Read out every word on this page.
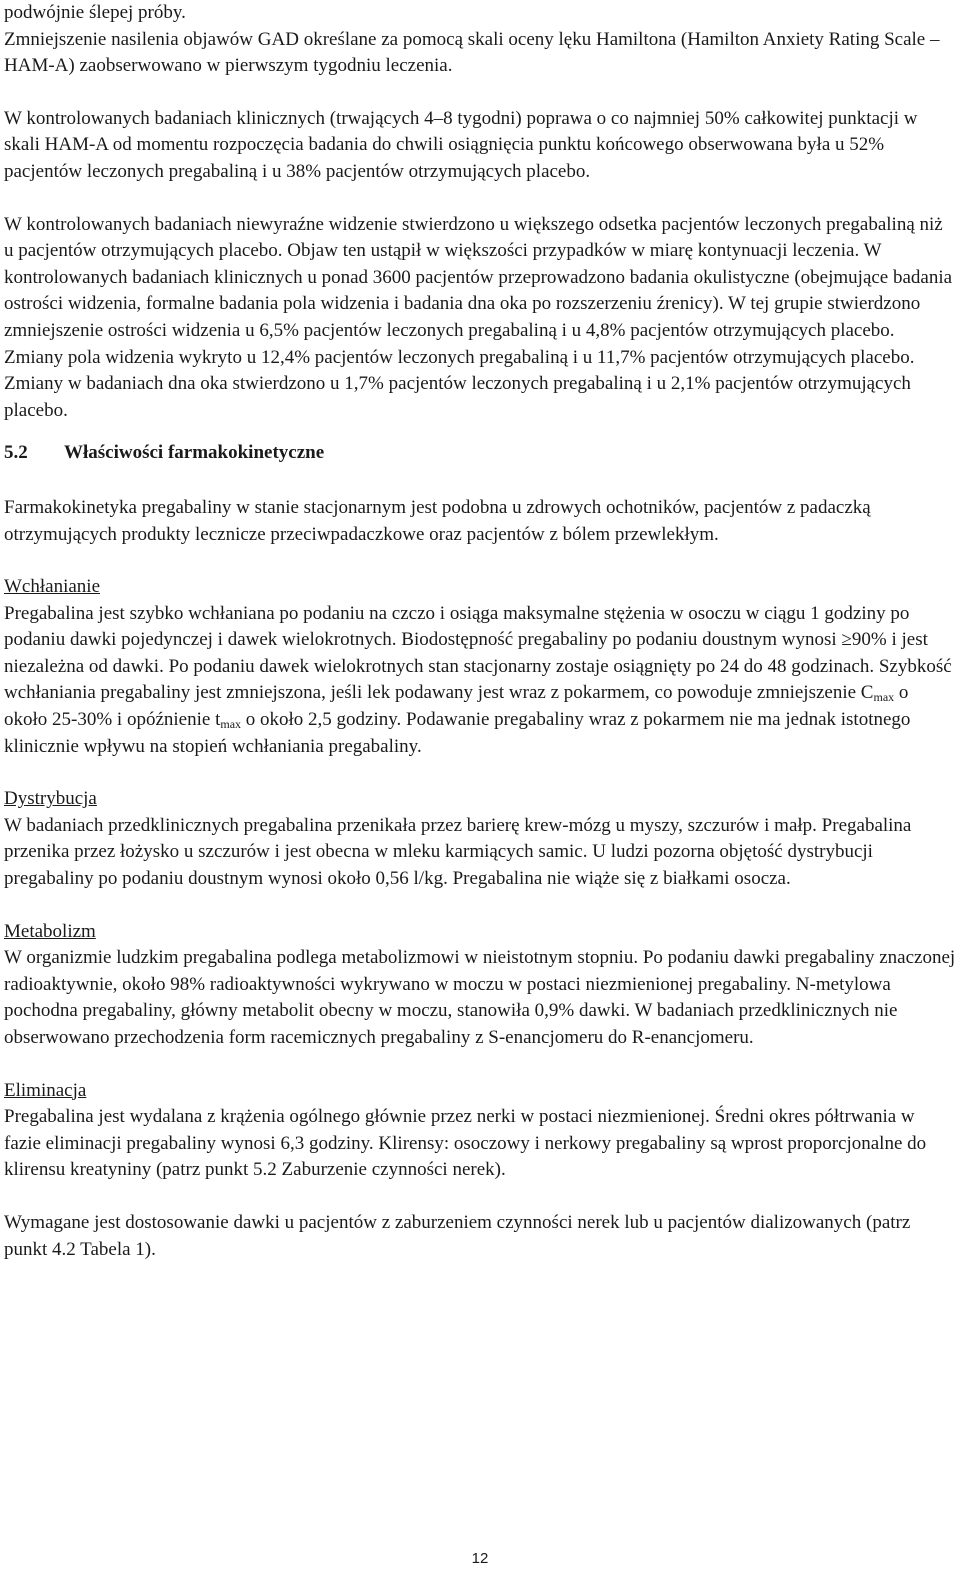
podwójnie ślepej próby.

Zmniejszenie nasilenia objawów GAD określane za pomocą skali oceny lęku Hamiltona (Hamilton Anxiety Rating Scale – HAM-A) zaobserwowano w pierwszym tygodniu leczenia.

W kontrolowanych badaniach klinicznych (trwających 4–8 tygodni) poprawa o co najmniej 50% całkowitej punktacji w skali HAM-A od momentu rozpoczęcia badania do chwili osiągnięcia punktu końcowego obserwowana była u 52% pacjentów leczonych pregabaliną i u 38% pacjentów otrzymujących placebo.

W kontrolowanych badaniach niewyraźne widzenie stwierdzono u większego odsetka pacjentów leczonych pregabaliną niż u pacjentów otrzymujących placebo. Objaw ten ustąpił w większości przypadków w miarę kontynuacji leczenia. W kontrolowanych badaniach klinicznych u ponad 3600 pacjentów przeprowadzono badania okulistyczne (obejmujące badania ostrości widzenia, formalne badania pola widzenia i badania dna oka po rozszerzeniu źrenicy). W tej grupie stwierdzono zmniejszenie ostrości widzenia u 6,5% pacjentów leczonych pregabaliną i u 4,8% pacjentów otrzymujących placebo. Zmiany pola widzenia wykryto u 12,4% pacjentów leczonych pregabaliną i u 11,7% pacjentów otrzymujących placebo. Zmiany w badaniach dna oka stwierdzono u 1,7% pacjentów leczonych pregabaliną i u 2,1% pacjentów otrzymujących placebo.

5.2 Właściwości farmakokinetyczne

Farmakokinetyka pregabaliny w stanie stacjonarnym jest podobna u zdrowych ochotników, pacjentów z padaczką otrzymujących produkty lecznicze przeciwpadaczkowe oraz pacjentów z bólem przewlekłym.

Wchłanianie

Pregabalina jest szybko wchłaniana po podaniu na czczo i osiąga maksymalne stężenia w osoczu w ciągu 1 godziny po podaniu dawki pojedynczej i dawek wielokrotnych. Biodostępność pregabaliny po podaniu doustnym wynosi ≥90% i jest niezależna od dawki. Po podaniu dawek wielokrotnych stan stacjonarny zostaje osiągnięty po 24 do 48 godzinach. Szybkość wchłaniania pregabaliny jest zmniejszona, jeśli lek podawany jest wraz z pokarmem, co powoduje zmniejszenie $C_{max}$ o około 25-30% i opóźnienie $t_{max}$ o około 2,5 godziny. Podawanie pregabaliny wraz z pokarmem nie ma jednak istotnego klinicznie wpływu na stopień wchłaniania pregabaliny.

Dystrybucja

W badaniach przedklinicznych pregabalina przenikała przez barierę krew-mózg u myszy, szczurów i małp. Pregabalina przenika przez łożysko u szczurów i jest obecna w mleku karmiących samic. U ludzi pozorna objętość dystrybucji pregabaliny po podaniu doustnym wynosi około 0,56 l/kg. Pregabalina nie wiąże się z białkami osocza.

Metabolizm

W organizmie ludzkim pregabalina podlega metabolizmowi w nieistotnym stopniu. Po podaniu dawki pregabaliny znaczonej radioaktywnie, około 98% radioaktywności wykrywano w moczu w postaci niezmienionej pregabaliny. N-metylowa pochodna pregabaliny, główny metabolit obecny w moczu, stanowiła 0,9% dawki. W badaniach przedklinicznych nie obserwowano przechodzenia form racemicznych pregabaliny z S-enancjomeru do R-enancjomeru.

Eliminacja

Pregabalina jest wydalana z krążenia ogólnego głównie przez nerki w postaci niezmienionej. Średni okres półtrwania w fazie eliminacji pregabaliny wynosi 6,3 godziny. Klirensy: osoczowy i nerkowy pregabaliny są wprost proporcjonalne do klirensu kreatyniny (patrz punkt 5.2 Zaburzenie czynności nerek).

Wymagane jest dostosowanie dawki u pacjentów z zaburzeniem czynności nerek lub u pacjentów dializowanych (patrz punkt 4.2 Tabela 1).

12
